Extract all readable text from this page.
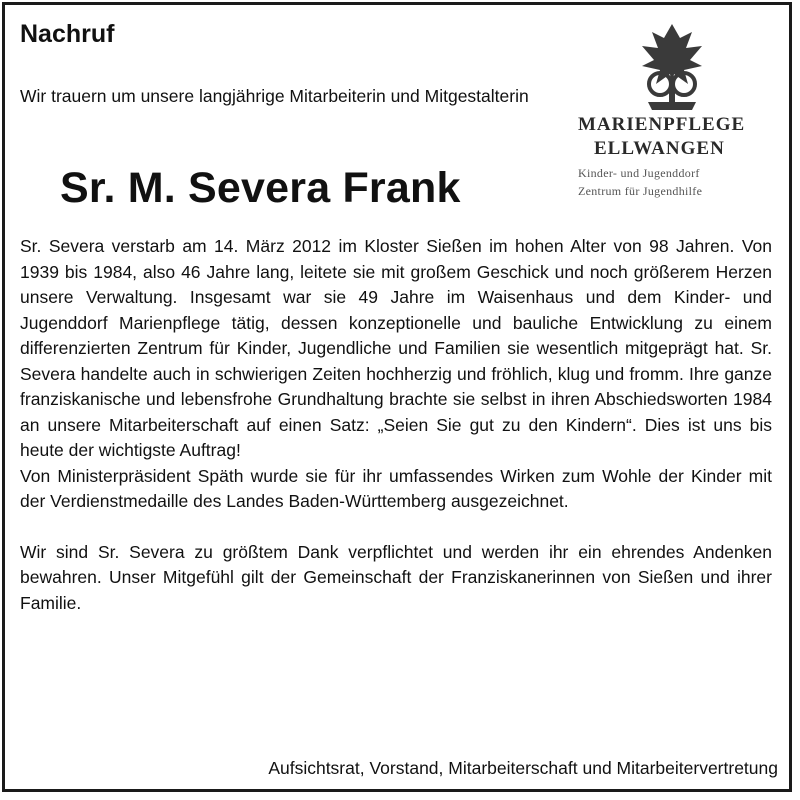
Nachruf
Wir trauern um unsere langjährige Mitarbeiterin und Mitgestalterin
Sr. M. Severa Frank
MARIENPFLEGE
ELLWANGEN
Kinder- und Jugenddorf
Zentrum für Jugendhilfe

Sr. Severa verstarb am 14. März 2012 im Kloster Sießen im hohen Alter von 98 Jahren. Von 1939 bis 1984, also 46 Jahre lang, leitete sie mit großem Geschick und noch größerem Herzen unsere Verwaltung. Insgesamt war sie 49 Jahre im Waisenhaus und dem Kinder- und Jugenddorf Marienpflege tätig, dessen konzeptionelle und bauliche Entwicklung zu einem differenzierten Zentrum für Kinder, Jugendliche und Familien sie wesentlich mitgeprägt hat. Sr. Severa handelte auch in schwierigen Zeiten hochherzig und fröhlich, klug und fromm. Ihre ganze franziskanische und lebensfrohe Grundhaltung brachte sie selbst in ihren Abschiedsworten 1984 an unsere Mitarbeiterschaft auf einen Satz: „Seien Sie gut zu den Kindern“. Dies ist uns bis heute der wichtigste Auftrag!

Von Ministerpräsident Späth wurde sie für ihr umfassendes Wirken zum Wohle der Kinder mit der Verdienstmedaille des Landes Baden-Württemberg ausgezeichnet.

Wir sind Sr. Severa zu größtem Dank verpflichtet und werden ihr ein ehrendes Andenken bewahren. Unser Mitgefühl gilt der Gemeinschaft der Franziskanerinnen von Sießen und ihrer Familie.

Aufsichtsrat, Vorstand, Mitarbeiterschaft und Mitarbeitervertretung
